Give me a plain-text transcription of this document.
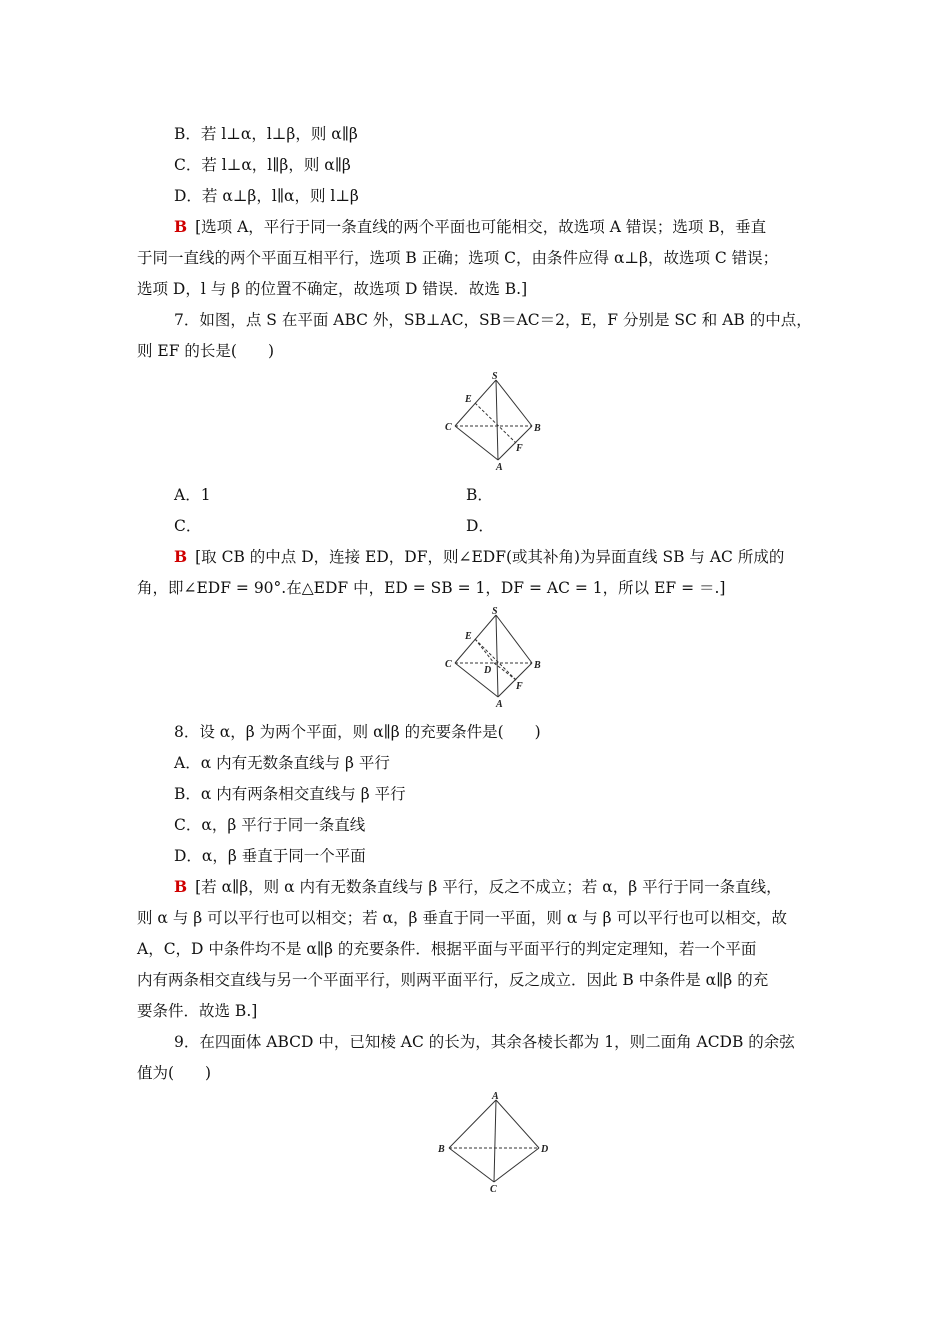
B．若 l⊥α，l⊥β，则 α∥β
C．若 l⊥α，l∥β，则 α∥β
D．若 α⊥β，l∥α，则 l⊥β
B [选项 A，平行于同一条直线的两个平面也可能相交，故选项 A 错误；选项 B，垂直
于同一直线的两个平面互相平行，选项 B 正确；选项 C，由条件应得 α⊥β，故选项 C 错误；
选项 D，l 与 β 的位置不确定，故选项 D 错误．故选 B.]
7．如图，点 S 在平面 ABC 外，SB⊥AC，SB＝AC＝2，E，F 分别是 SC 和 AB 的中点，
则 EF 的长是(　　)
S
E
C	B
F
A
A．1	B．
C．	D．
B [取 CB 的中点 D，连接 ED，DF，则∠EDF(或其补角)为异面直线 SB 与 AC 所成的
角，即∠EDF = 90°.在△EDF 中，ED = SB = 1，DF = AC = 1，所以 EF = ＝.]
S
E
C
D	B
F
A
8．设 α，β 为两个平面，则 α∥β 的充要条件是(　　)
A．α 内有无数条直线与 β 平行
B．α 内有两条相交直线与 β 平行
C．α，β 平行于同一条直线
D．α，β 垂直于同一个平面
B [若 α∥β，则 α 内有无数条直线与 β 平行，反之不成立；若 α，β 平行于同一条直线，
则 α 与 β 可以平行也可以相交；若 α，β 垂直于同一平面，则 α 与 β 可以平行也可以相交，故
A，C，D 中条件均不是 α∥β 的充要条件．根据平面与平面平行的判定定理知，若一个平面
内有两条相交直线与另一个平面平行，则两平面平行，反之成立．因此 B 中条件是 α∥β 的充
要条件．故选 B.]
9．在四面体 ABCD 中，已知棱 AC 的长为，其余各棱长都为 1，则二面角 ACDB 的余弦
值为(　　)
A
B	D
C
